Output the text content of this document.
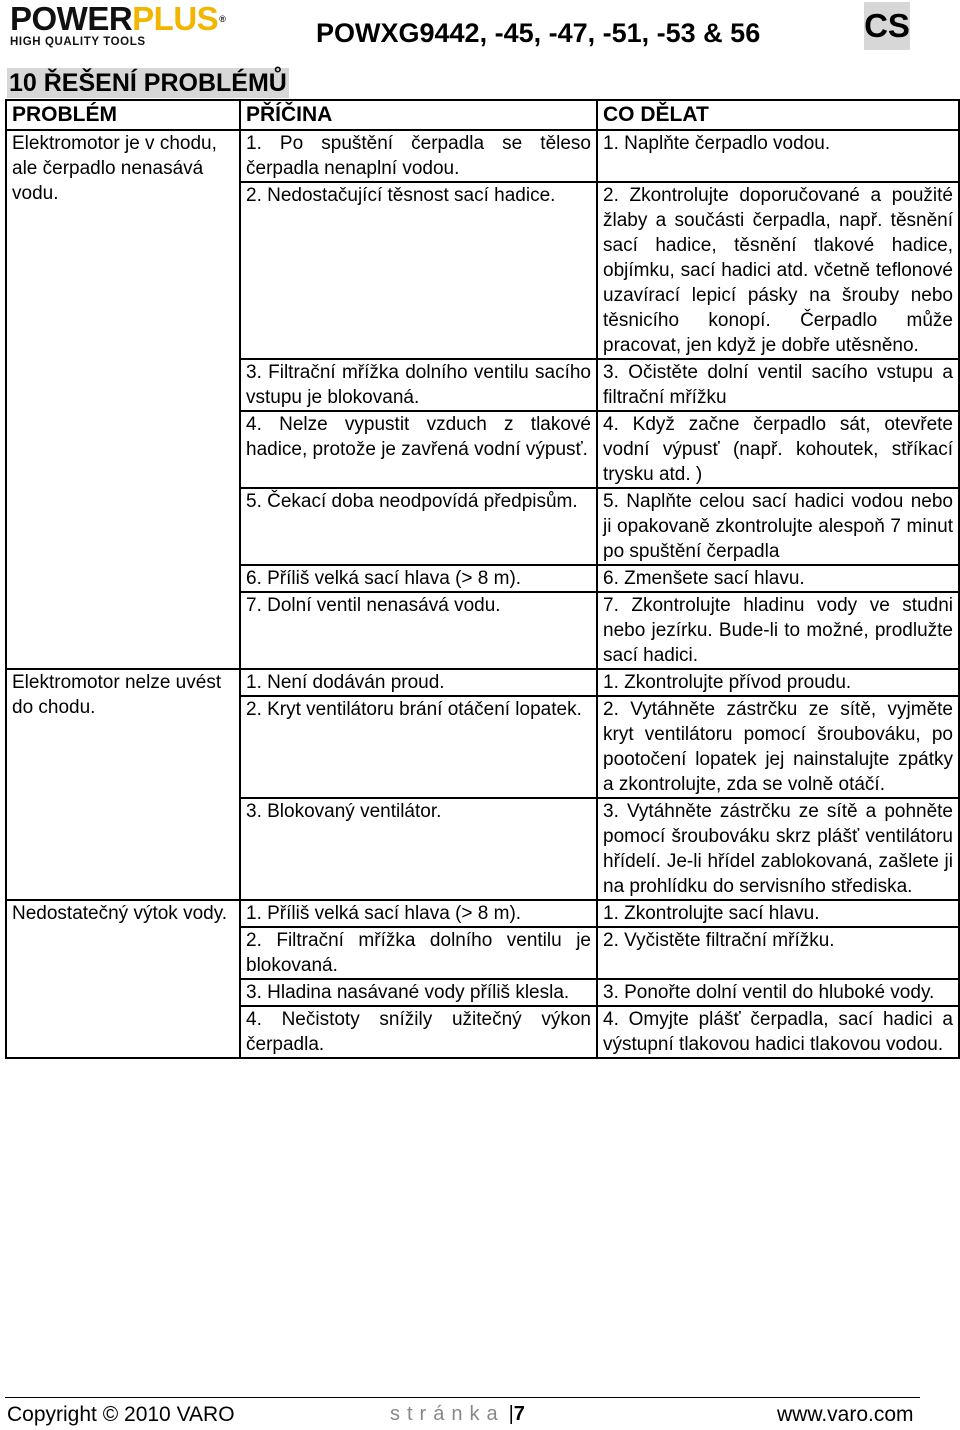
POWERPLUS®
HIGH QUALITY TOOLS	POWXG9442, -45, -47, -51, -53 & 56	CS
10 ŘEŠENÍ PROBLÉMŮ
PROBLÉM	PŘÍČINA	CO DĚLAT
Elektromotor je v chodu, ale čerpadlo nenasává vodu.	1. Po spuštění čerpadla se těleso čerpadla nenaplní vodou.	1. Naplňte čerpadlo vodou.
	2. Nedostačující těsnost sací hadice.	2. Zkontrolujte doporučované a použité žlaby a součásti čerpadla, např. těsnění sací hadice, těsnění tlakové hadice, objímku, sací hadici atd. včetně teflonové uzavírací lepicí pásky na šrouby nebo těsnicího konopí. Čerpadlo může pracovat, jen když je dobře utěsněno.
	3. Filtrační mřížka dolního ventilu sacího vstupu je blokovaná.	3. Očistěte dolní ventil sacího vstupu a filtrační mřížku
	4. Nelze vypustit vzduch z tlakové hadice, protože je zavřená vodní výpusť.	4. Když začne čerpadlo sát, otevřete vodní výpusť (např. kohoutek, stříkací trysku atd. )
	5. Čekací doba neodpovídá předpisům.	5. Naplňte celou sací hadici vodou nebo ji opakovaně zkontrolujte alespoň 7 minut po spuštění čerpadla
	6. Příliš velká sací hlava (> 8 m).	6. Zmenšete sací hlavu.
	7. Dolní ventil nenasává vodu.	7. Zkontrolujte hladinu vody ve studni nebo jezírku. Bude-li to možné, prodlužte sací hadici.
Elektromotor nelze uvést do chodu.	1. Není dodáván proud.	1. Zkontrolujte přívod proudu.
	2. Kryt ventilátoru brání otáčení lopatek.	2. Vytáhněte zástrčku ze sítě, vyjměte kryt ventilátoru pomocí šroubováku, po pootočení lopatek jej nainstalujte zpátky a zkontrolujte, zda se volně otáčí.
	3. Blokovaný ventilátor.	3. Vytáhněte zástrčku ze sítě a pohněte pomocí šroubováku skrz plášť ventilátoru hřídelí. Je-li hřídel zablokovaná, zašlete ji na prohlídku do servisního střediska.
Nedostatečný výtok vody.	1. Příliš velká sací hlava (> 8 m).	1. Zkontrolujte sací hlavu.
	2. Filtrační mřížka dolního ventilu je blokovaná.	2. Vyčistěte filtrační mřížku.
	3. Hladina nasávané vody příliš klesla.	3. Ponořte dolní ventil do hluboké vody.
	4. Nečistoty snížily užitečný výkon čerpadla.	4. Omyjte plášť čerpadla, sací hadici a výstupní tlakovou hadici tlakovou vodou.
Copyright © 2010 VARO	stránka |7	www.varo.com
